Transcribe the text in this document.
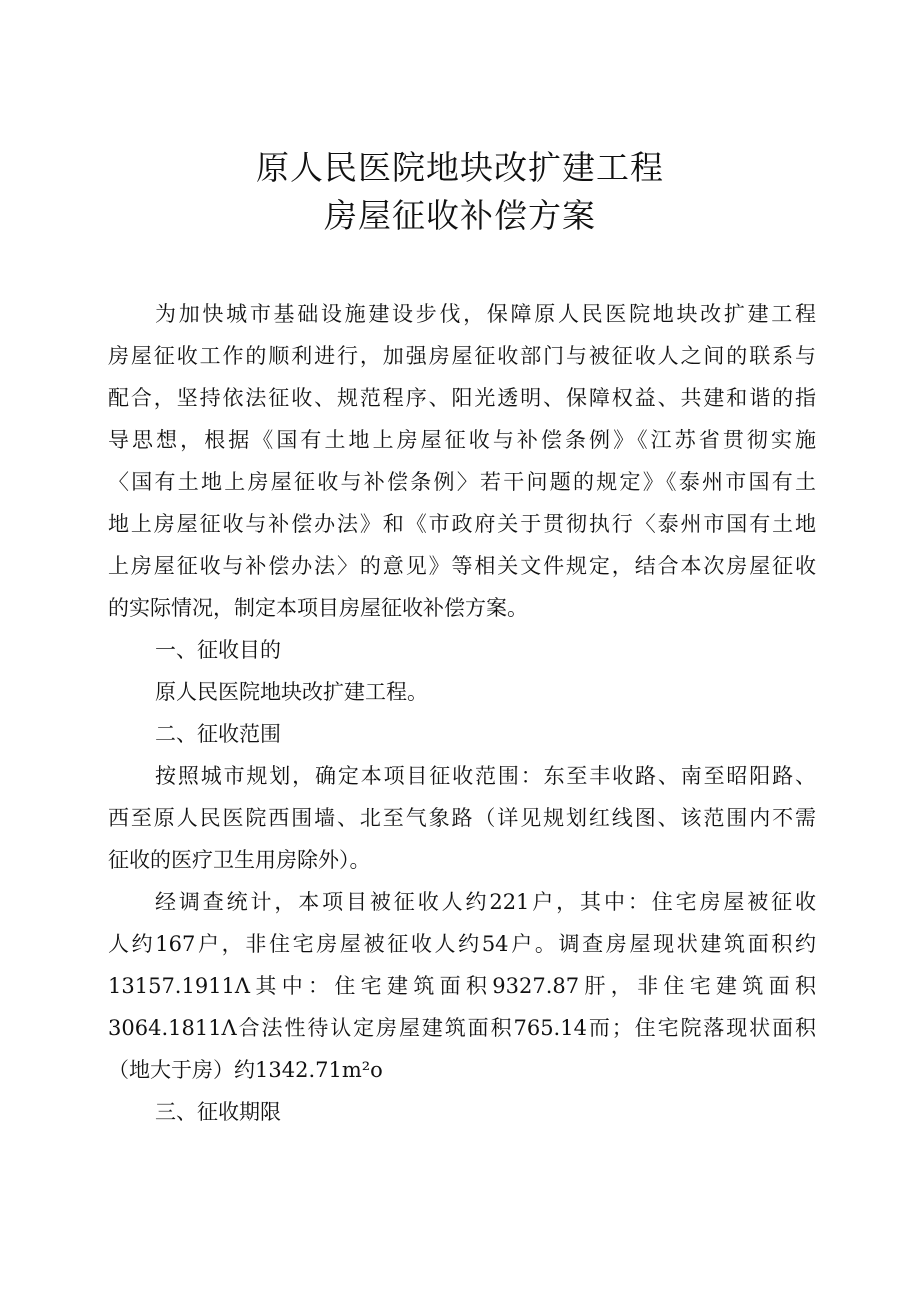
原人民医院地块改扩建工程
房屋征收补偿方案
为加快城市基础设施建设步伐，保障原人民医院地块改扩建工程
房屋征收工作的顺利进行，加强房屋征收部门与被征收人之间的联系与
配合，坚持依法征收、规范程序、阳光透明、保障权益、共建和谐的指
导思想，根据《国有土地上房屋征收与补偿条例》《江苏省贯彻实施
〈国有土地上房屋征收与补偿条例〉若干问题的规定》《泰州市国有土
地上房屋征收与补偿办法》和《市政府关于贯彻执行〈泰州市国有土地
上房屋征收与补偿办法〉的意见》等相关文件规定，结合本次房屋征收
的实际情况，制定本项目房屋征收补偿方案。
一、征收目的
原人民医院地块改扩建工程。
二、征收范围
按照城市规划，确定本项目征收范围：东至丰收路、南至昭阳路、
西至原人民医院西围墙、北至气象路（详见规划红线图、该范围内不需
征收的医疗卫生用房除外）。
经调查统计，本项目被征收人约221户，其中：住宅房屋被征收
人约167户，非住宅房屋被征收人约54户。调查房屋现状建筑面积约
13157.1911Λ其中：住宅建筑面积9327.87肝，非住宅建筑面积
3064.1811Λ合法性待认定房屋建筑面积765.14而；住宅院落现状面积
（地大于房）约1342.71m²o
三、征收期限
